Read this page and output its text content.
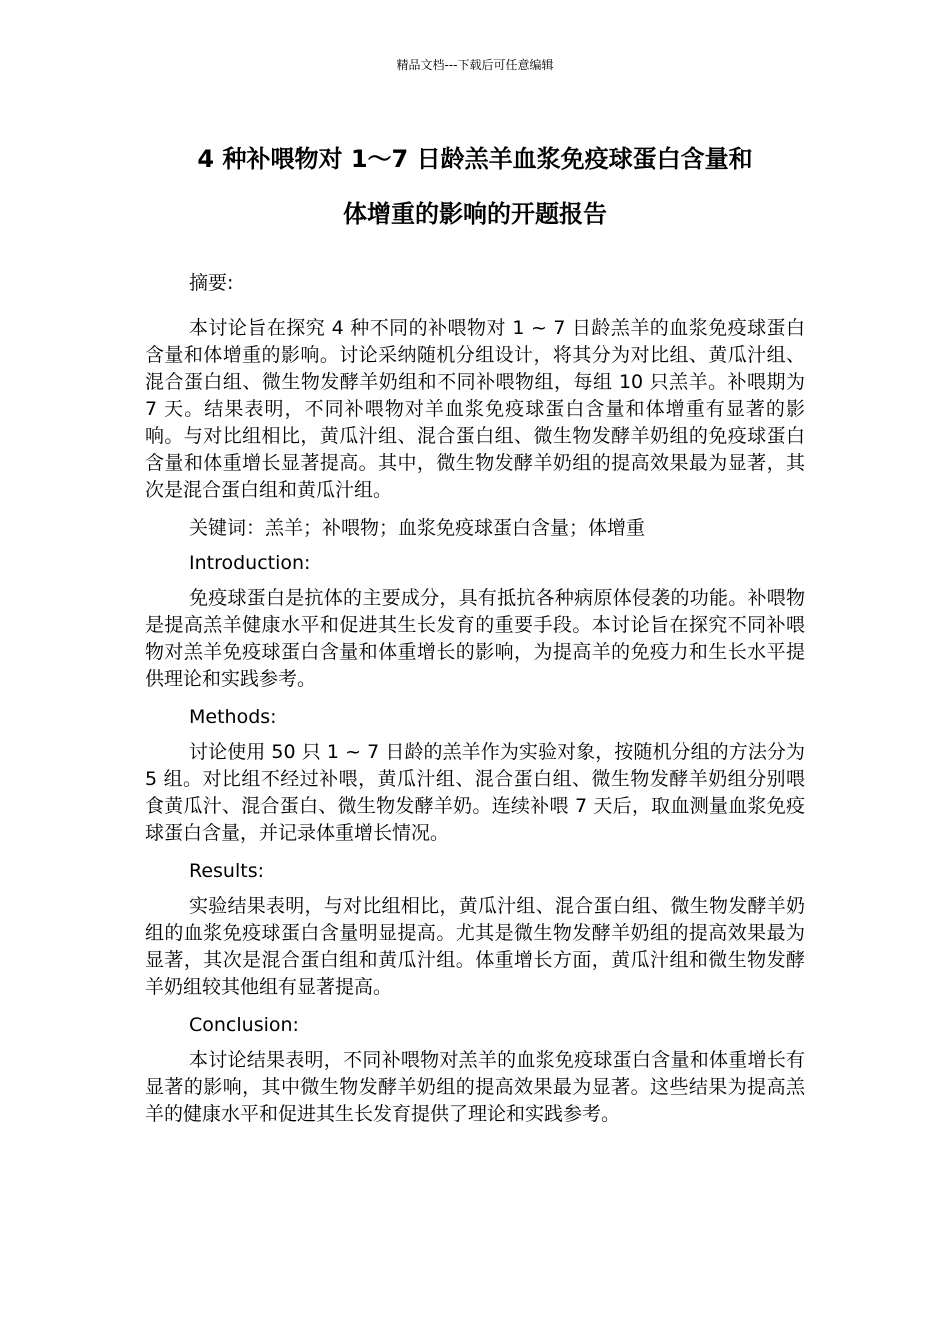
精品文档---下载后可任意编辑
4 种补喂物对 1～7 日龄羔羊血浆免疫球蛋白含量和
体增重的影响的开题报告

摘要:

本讨论旨在探究 4 种不同的补喂物对 1 ~ 7 日龄羔羊的血浆免疫球蛋白含量和体增重的影响。讨论采纳随机分组设计，将其分为对比组、黄瓜汁组、混合蛋白组、微生物发酵羊奶组和不同补喂物组，每组 10 只羔羊。补喂期为 7 天。结果表明，不同补喂物对羊血浆免疫球蛋白含量和体增重有显著的影响。与对比组相比，黄瓜汁组、混合蛋白组、微生物发酵羊奶组的免疫球蛋白含量和体重增长显著提高。其中，微生物发酵羊奶组的提高效果最为显著，其次是混合蛋白组和黄瓜汁组。

关键词：羔羊；补喂物；血浆免疫球蛋白含量；体增重

Introduction:

免疫球蛋白是抗体的主要成分，具有抵抗各种病原体侵袭的功能。补喂物是提高羔羊健康水平和促进其生长发育的重要手段。本讨论旨在探究不同补喂物对羔羊免疫球蛋白含量和体重增长的影响，为提高羊的免疫力和生长水平提供理论和实践参考。

Methods:

讨论使用 50 只 1 ~ 7 日龄的羔羊作为实验对象，按随机分组的方法分为 5 组。对比组不经过补喂，黄瓜汁组、混合蛋白组、微生物发酵羊奶组分别喂食黄瓜汁、混合蛋白、微生物发酵羊奶。连续补喂 7 天后，取血测量血浆免疫球蛋白含量，并记录体重增长情况。

Results:

实验结果表明，与对比组相比，黄瓜汁组、混合蛋白组、微生物发酵羊奶组的血浆免疫球蛋白含量明显提高。尤其是微生物发酵羊奶组的提高效果最为显著，其次是混合蛋白组和黄瓜汁组。体重增长方面，黄瓜汁组和微生物发酵羊奶组较其他组有显著提高。

Conclusion:

本讨论结果表明，不同补喂物对羔羊的血浆免疫球蛋白含量和体重增长有显著的影响，其中微生物发酵羊奶组的提高效果最为显著。这些结果为提高羔羊的健康水平和促进其生长发育提供了理论和实践参考。
